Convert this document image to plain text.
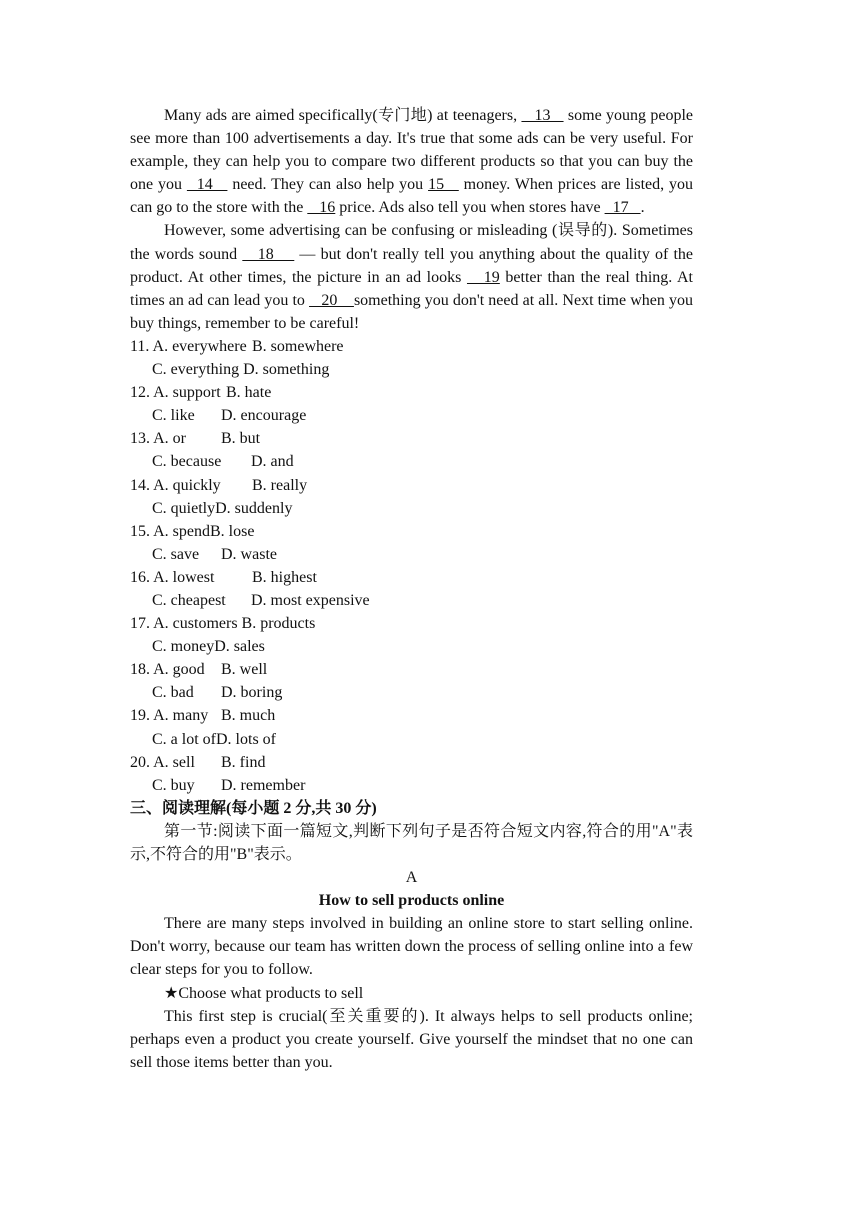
Many ads are aimed specifically(专门地) at teenagers,    13    some young people see more than 100 advertisements a day. It's true that some ads can be very useful. For example, they can help you to compare two different products so that you can buy the one you   14    need. They can also help you 15    money. When prices are listed, you can go to the store with the    16 price. Ads also tell you when stores have   17   .

However, some advertising can be confusing or misleading (误导的). Sometimes the words sound    18     — but don't really tell you anything about the quality of the product. At other times, the picture in an ad looks    19 better than the real thing. At times an ad can lead you to    20    something you don't need at all. Next time when you buy things, remember to be careful!

11. A. everywhere B. somewhere

C. everything D. something

12. A. support B. hate

C. like D. encourage

13. A. or B. but

C. because D. and

14. A. quickly B. really

C. quietlyD. suddenly

15. A. spendB. lose

C. save D. waste

16. A. lowest B. highest

C. cheapest D. most expensive

17. A. customers B. products

C. moneyD. sales

18. A. good B. well

C. bad D. boring

19. A. many B. much

C. a lot ofD. lots of

20. A. sell B. find

C. buy D. remember

三、阅读理解(每小题 2 分,共 30 分)

第一节:阅读下面一篇短文,判断下列句子是否符合短文内容,符合的用"A"表示,不符合的用"B"表示。

A

How to sell products online

There are many steps involved in building an online store to start selling online. Don't worry, because our team has written down the process of selling online into a few clear steps for you to follow.

★Choose what products to sell

This first step is crucial(至关重要的). It always helps to sell products online; perhaps even a product you create yourself. Give yourself the mindset that no one can sell those items better than you.
